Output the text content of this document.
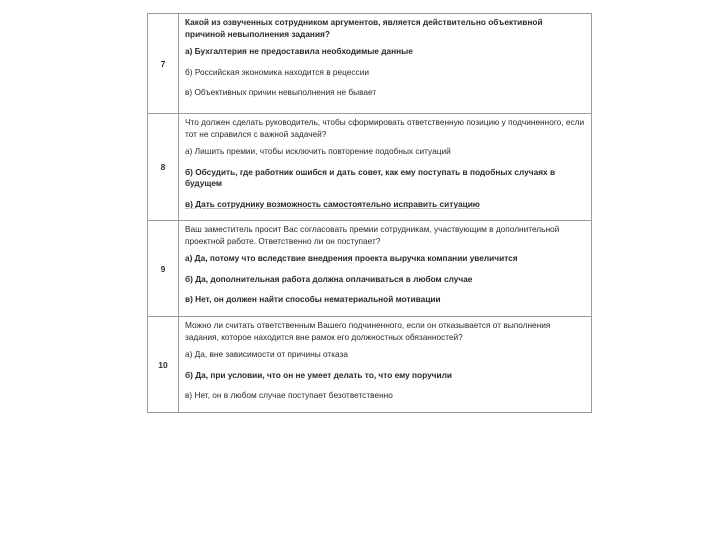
7	Какой из озвученных сотрудником аргументов, является действительно объективной причиной невыполнения задания?

а) Бухгалтерия не предоставила необходимые данные

б) Российская экономика находится в рецессии

в) Объективных причин невыполнения не бывает

8	Что должен сделать руководитель, чтобы сформировать ответственную позицию у подчиненного, если тот не справился с важной задачей?

а) Лишить премии, чтобы исключить повторение подобных ситуаций

б) Обсудить, где работник ошибся и дать совет, как ему поступать в подобных случаях в будущем

в) Дать сотруднику возможность самостоятельно исправить ситуацию

9	Ваш заместитель просит Вас согласовать премии сотрудникам, участвующим в дополнительной проектной работе. Ответственно ли он поступает?

а) Да, потому что вследствие внедрения проекта выручка компании увеличится

б) Да, дополнительная работа должна оплачиваться в любом случае

в) Нет, он должен найти способы нематериальной мотивации

10	Можно ли считать ответственным Вашего подчиненного, если он отказывается от выполнения задания, которое находится вне рамок его должностных обязанностей?

а) Да, вне зависимости от причины отказа

б) Да, при условии, что он не умеет делать то, что ему поручили

в) Нет, он в любом случае поступает безответственно
